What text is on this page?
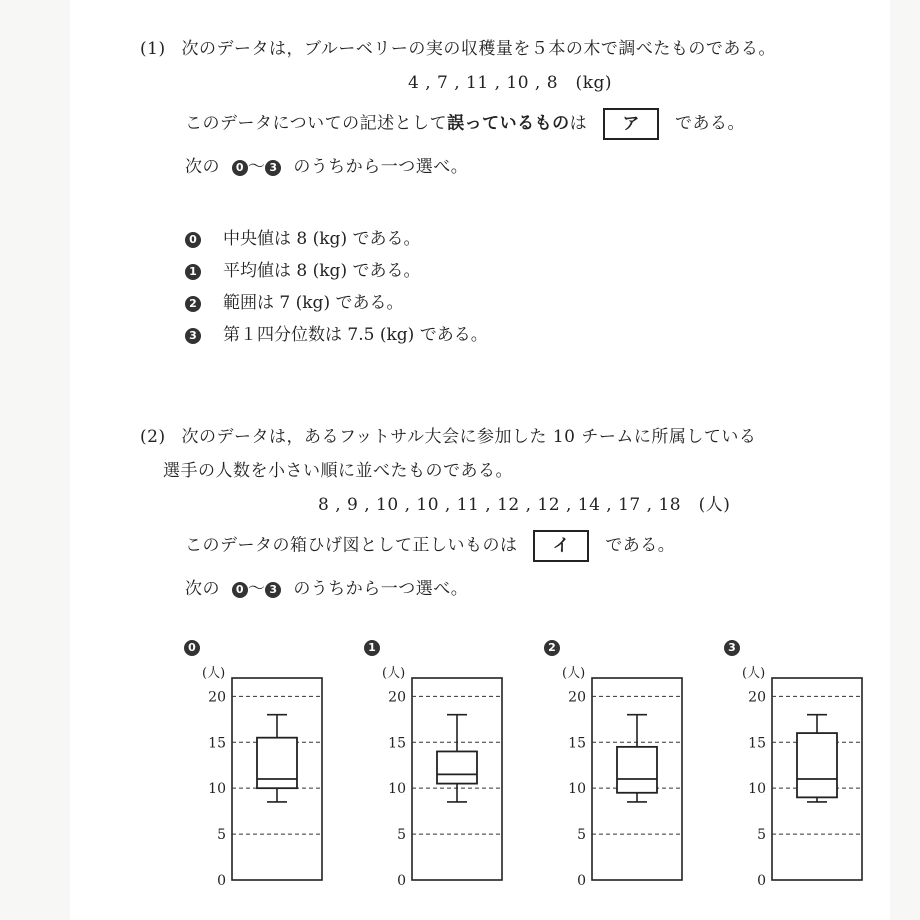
(1) 次のデータは，ブルーベリーの実の収穫量を５本の木で調べたものである。
4 , 7 , 11 , 10 , 8　(kg)
このデータについての記述として誤っているものは ア である。
次の 0 〜 3 のうちから一つ選べ。
0 中央値は 8 (kg) である。
1 平均値は 8 (kg) である。
2 範囲は 7 (kg) である。
3 第１四分位数は 7.5 (kg) である。
(2) 次のデータは，あるフットサル大会に参加した 10 チームに所属している
選手の人数を小さい順に並べたものである。
8 , 9 , 10 , 10 , 11 , 12 , 12 , 14 , 17 , 18　(人)
このデータの箱ひげ図として正しいものは イ である。
次の 0 〜 3 のうちから一つ選べ。
0
(人)
0
5
10
15
20
1
(人)
0
5
10
15
20
2
(人)
0
5
10
15
20
3
(人)
0
5
10
15
20
